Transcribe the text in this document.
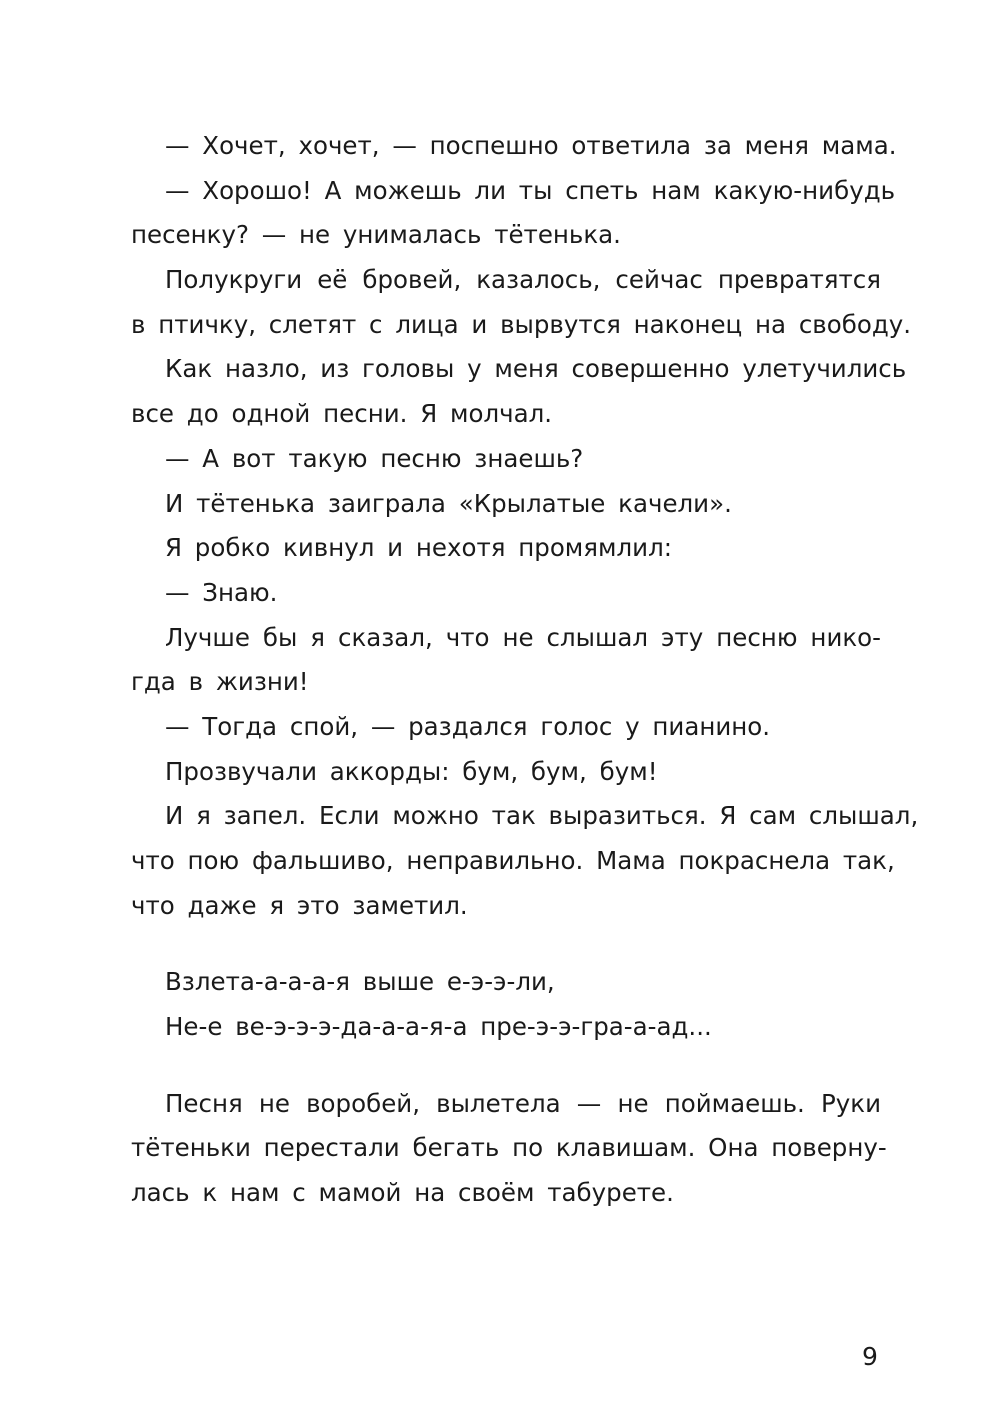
— Хочет, хочет, — поспешно ответила за меня мама.
— Хорошо! А можешь ли ты спеть нам какую-нибудь
песенку? — не унималась тётенька.
Полукруги её бровей, казалось, сейчас превратятся
в птичку, слетят с лица и вырвутся наконец на свободу.
Как назло, из головы у меня совершенно улетучились
все до одной песни. Я молчал.
— А вот такую песню знаешь?
И тётенька заиграла «Крылатые качели».
Я робко кивнул и нехотя промямлил:
— Знаю.
Лучше бы я сказал, что не слышал эту песню нико-
гда в жизни!
— Тогда спой, — раздался голос у пианино.
Прозвучали аккорды: бум, бум, бум!
И я запел. Если можно так выразиться. Я сам слышал,
что пою фальшиво, неправильно. Мама покраснела так,
что даже я это заметил.
Взлета-а-а-а-я выше е-э-э-ли,
Не-е ве-э-э-э-да-а-а-я-а пре-э-э-гра-а-ад...
Песня не воробей, вылетела — не поймаешь. Руки
тётеньки перестали бегать по клавишам. Она поверну-
лась к нам с мамой на своём табурете.
9
